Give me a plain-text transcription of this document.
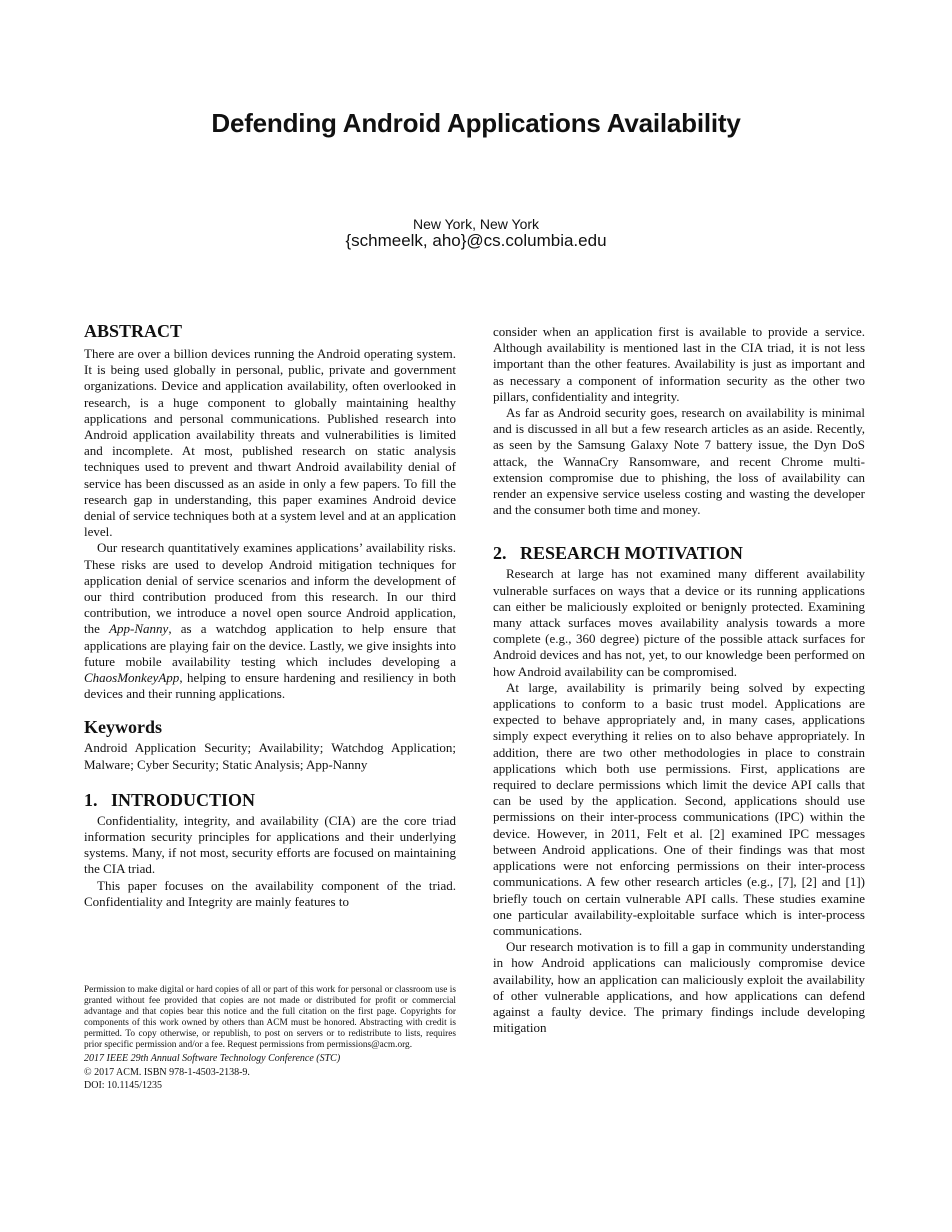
Defending Android Applications Availability
New York, New York
{schmeelk, aho}@cs.columbia.edu
ABSTRACT

There are over a billion devices running the Android operating system. It is being used globally in personal, public, private and government organizations. Device and application availability, often overlooked in research, is a huge component to globally maintaining healthy applications and personal communications. Published research into Android application availability threats and vulnerabilities is limited and incomplete. At most, published research on static analysis techniques used to prevent and thwart Android availability denial of service has been discussed as an aside in only a few papers. To fill the research gap in understanding, this paper examines Android device denial of service techniques both at a system level and at an application level.

Our research quantitatively examines applications’ availability risks. These risks are used to develop Android mitigation techniques for application denial of service scenarios and inform the development of our third contribution produced from this research. In our third contribution, we introduce a novel open source Android application, the App-Nanny, as a watchdog application to help ensure that applications are playing fair on the device. Lastly, we give insights into future mobile availability testing which includes developing a ChaosMonkeyApp, helping to ensure hardening and resiliency in both devices and their running applications.

Keywords

Android Application Security; Availability; Watchdog Application; Malware; Cyber Security; Static Analysis; App-Nanny

1.   INTRODUCTION

Confidentiality, integrity, and availability (CIA) are the core triad information security principles for applications and their underlying systems. Many, if not most, security efforts are focused on maintaining the CIA triad.

This paper focuses on the availability component of the triad. Confidentiality and Integrity are mainly features to

Permission to make digital or hard copies of all or part of this work for personal or classroom use is granted without fee provided that copies are not made or distributed for profit or commercial advantage and that copies bear this notice and the full citation on the first page. Copyrights for components of this work owned by others than ACM must be honored. Abstracting with credit is permitted. To copy otherwise, or republish, to post on servers or to redistribute to lists, requires prior specific permission and/or a fee. Request permissions from permissions@acm.org.
2017 IEEE 29th Annual Software Technology Conference (STC)
© 2017 ACM. ISBN 978-1-4503-2138-9.
DOI: 10.1145/1235

consider when an application first is available to provide a service. Although availability is mentioned last in the CIA triad, it is not less important than the other features. Availability is just as important and as necessary a component of information security as the other two pillars, confidentiality and integrity.

As far as Android security goes, research on availability is minimal and is discussed in all but a few research articles as an aside. Recently, as seen by the Samsung Galaxy Note 7 battery issue, the Dyn DoS attack, the WannaCry Ransomware, and recent Chrome multi-extension compromise due to phishing, the loss of availability can render an expensive service useless costing and wasting the developer and the consumer both time and money.

2.   RESEARCH MOTIVATION

Research at large has not examined many different availability vulnerable surfaces on ways that a device or its running applications can either be maliciously exploited or benignly protected. Examining many attack surfaces moves availability analysis towards a more complete (e.g., 360 degree) picture of the possible attack surfaces for Android devices and has not, yet, to our knowledge been performed on how Android availability can be compromised.

At large, availability is primarily being solved by expecting applications to conform to a basic trust model. Applications are expected to behave appropriately and, in many cases, applications simply expect everything it relies on to also behave appropriately. In addition, there are two other methodologies in place to constrain applications which both use permissions. First, applications are required to declare permissions which limit the device API calls that can be used by the application. Second, applications should use permissions on their inter-process communications (IPC) within the device. However, in 2011, Felt et al. [2] examined IPC messages between Android applications. One of their findings was that most applications were not enforcing permissions on their inter-process communications. A few other research articles (e.g., [7], [2] and [1]) briefly touch on certain vulnerable API calls. These studies examine one particular availability-exploitable surface which is inter-process communications.

Our research motivation is to fill a gap in community understanding in how Android applications can maliciously compromise device availability, how an application can maliciously exploit the availability of other vulnerable applications, and how applications can defend against a faulty device. The primary findings include developing mitigation
